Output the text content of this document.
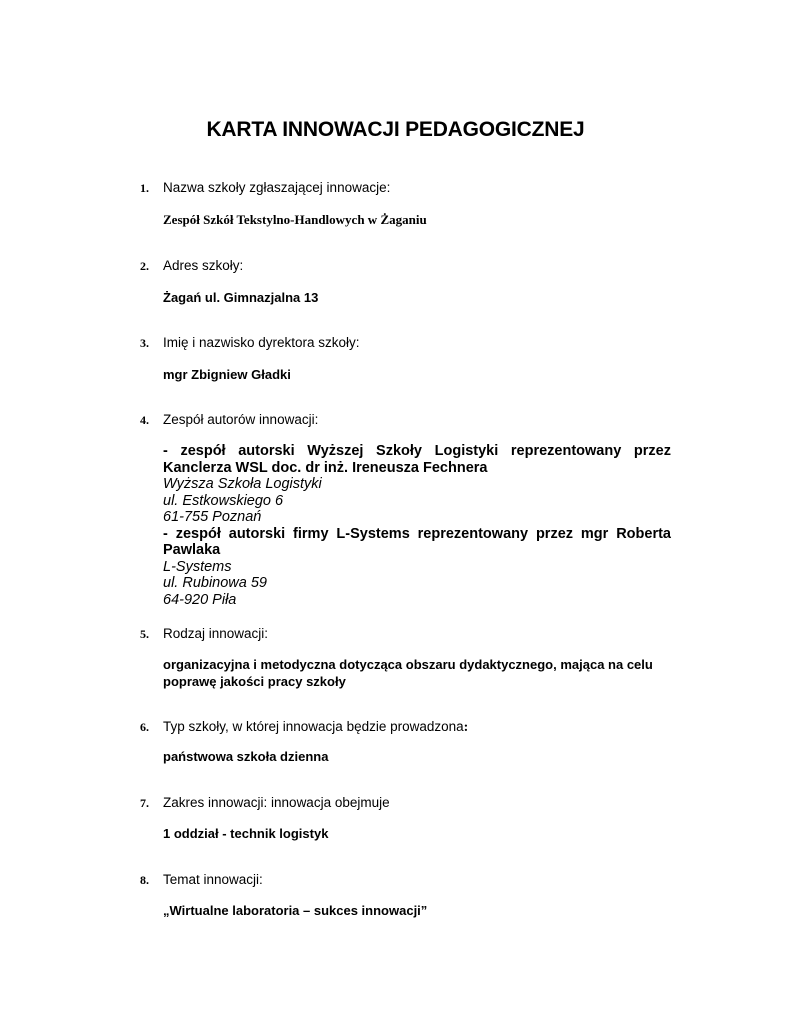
KARTA INNOWACJI PEDAGOGICZNEJ
1. Nazwa szkoły zgłaszającej innowacje:
Zespół Szkół Tekstylno-Handlowych w Żaganiu
2. Adres szkoły:
Żagań ul. Gimnazjalna 13
3. Imię i nazwisko dyrektora szkoły:
mgr Zbigniew Gładki
4. Zespół autorów innowacji:
- zespół autorski Wyższej Szkoły Logistyki reprezentowany przez Kanclerza WSL doc. dr inż. Ireneusza Fechnera
Wyższa Szkoła Logistyki
ul. Estkowskiego 6
61-755 Poznań
- zespół autorski firmy L-Systems reprezentowany przez mgr Roberta Pawlaka
L-Systems
ul. Rubinowa 59
64-920 Piła
5. Rodzaj innowacji:
organizacyjna i metodyczna dotycząca obszaru dydaktycznego, mająca na celu poprawę jakości pracy szkoły
6. Typ szkoły, w której innowacja będzie prowadzona:
państwowa szkoła dzienna
7. Zakres innowacji: innowacja obejmuje
1 oddział - technik logistyk
8. Temat innowacji:
„Wirtualne laboratoria – sukces innowacji”
